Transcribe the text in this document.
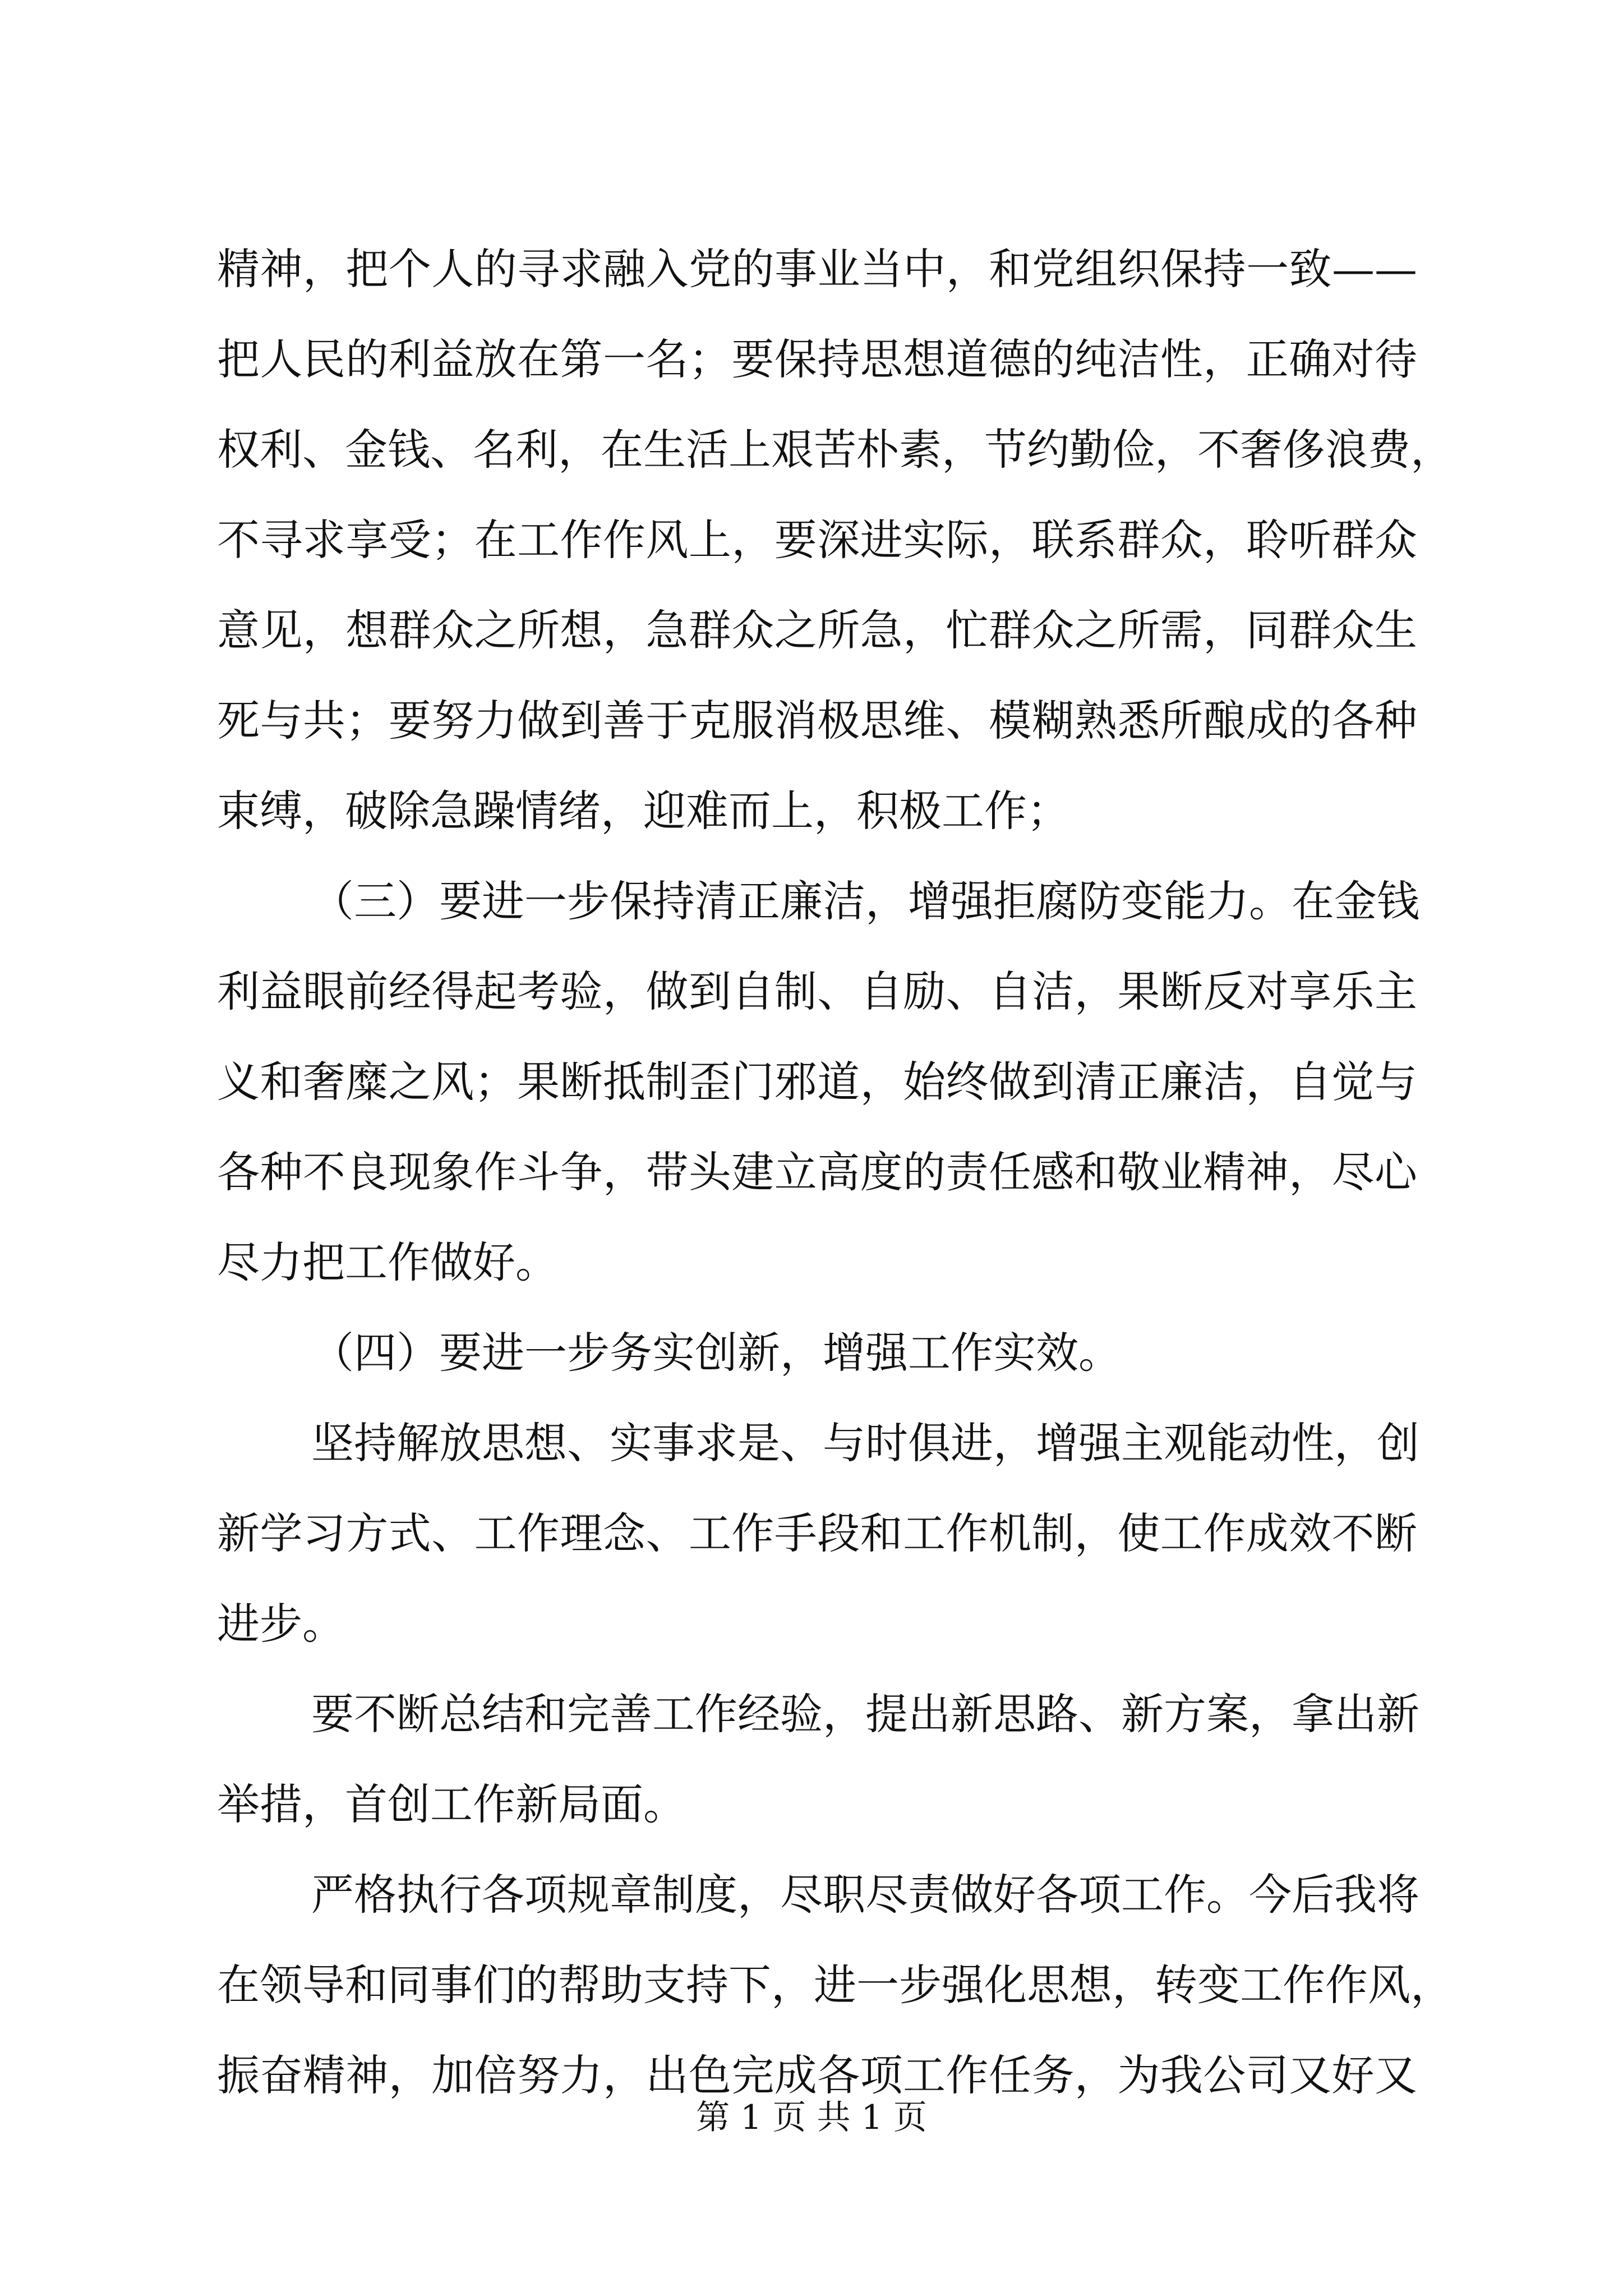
精神，把个人的寻求融入党的事业当中，和党组织保持一致——
把人民的利益放在第一名；要保持思想道德的纯洁性，正确对待
权利、金钱、名利，在生活上艰苦朴素，节约勤俭，不奢侈浪费，
不寻求享受；在工作作风上，要深进实际，联系群众，聆听群众
意见，想群众之所想，急群众之所急，忙群众之所需，同群众生
死与共；要努力做到善于克服消极思维、模糊熟悉所酿成的各种
束缚，破除急躁情绪，迎难而上，积极工作；
（三）要进一步保持清正廉洁，增强拒腐防变能力。在金钱
利益眼前经得起考验，做到自制、自励、自洁，果断反对享乐主
义和奢糜之风；果断抵制歪门邪道，始终做到清正廉洁，自觉与
各种不良现象作斗争，带头建立高度的责任感和敬业精神，尽心
尽力把工作做好。
（四）要进一步务实创新，增强工作实效。
坚持解放思想、实事求是、与时俱进，增强主观能动性，创
新学习方式、工作理念、工作手段和工作机制，使工作成效不断
进步。
要不断总结和完善工作经验，提出新思路、新方案，拿出新
举措，首创工作新局面。
严格执行各项规章制度，尽职尽责做好各项工作。今后我将
在领导和同事们的帮助支持下，进一步强化思想，转变工作作风，
振奋精神，加倍努力，出色完成各项工作任务，为我公司又好又
第 1 页 共 1 页
